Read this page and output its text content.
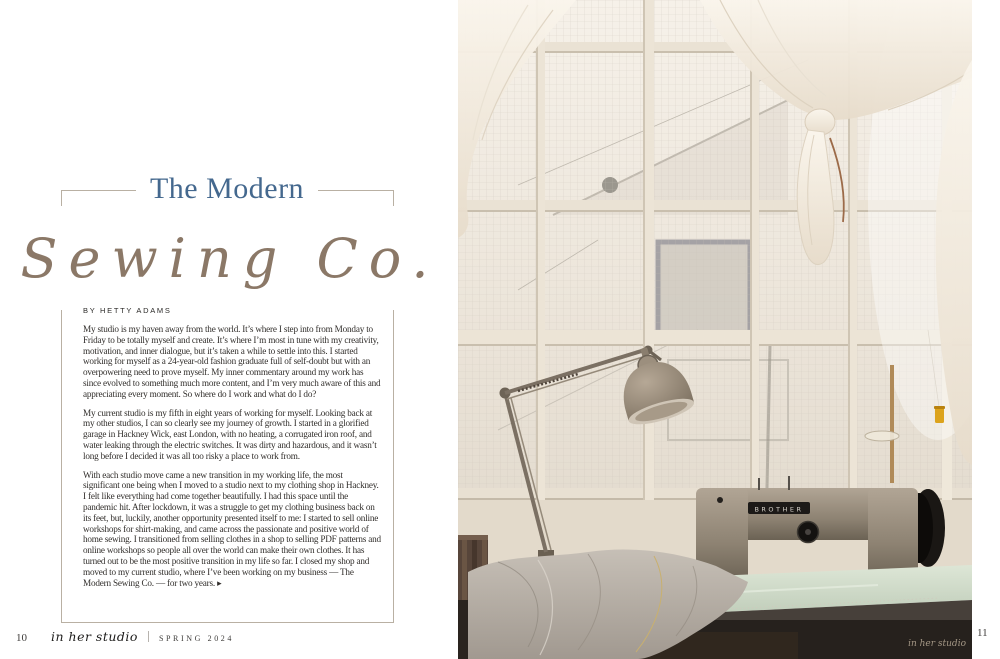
The Modern
Sewing Co.
BY HETTY ADAMS

My studio is my haven away from the world. It’s where I step into from Monday to Friday to be totally myself and create. It’s where I’m most in tune with my creativity, motivation, and inner dialogue, but it’s taken a while to settle into this. I started working for myself as a 24-year-old fashion graduate full of self-doubt but with an overpowering need to prove myself. My inner commentary around my work has since evolved to something much more content, and I’m very much aware of this and appreciating every moment. So where do I work and what do I do?

My current studio is my fifth in eight years of working for myself. Looking back at my other studios, I can so clearly see my journey of growth. I started in a glorified garage in Hackney Wick, east London, with no heating, a corrugated iron roof, and water leaking through the electric switches. It was dirty and hazardous, and it wasn’t long before I decided it was all too risky a place to work from.

With each studio move came a new transition in my working life, the most significant one being when I moved to a studio next to my clothing shop in Hackney. I felt like everything had come together beautifully. I had this space until the pandemic hit. After lockdown, it was a struggle to get my clothing business back on its feet, but, luckily, another opportunity presented itself to me: I started to sell online workshops for shirt-making, and came across the passionate and positive world of home sewing. I transitioned from selling clothes in a shop to selling PDF patterns and online workshops so people all over the world can make their own clothes. It has turned out to be the most positive transition in my life so far. I closed my shop and moved to my current studio, where I’ve been working on my business — The Modern Sewing Co. — for two years. ▸

10 in her studio	SPRING 2024
BROTHER
in her studio
11
